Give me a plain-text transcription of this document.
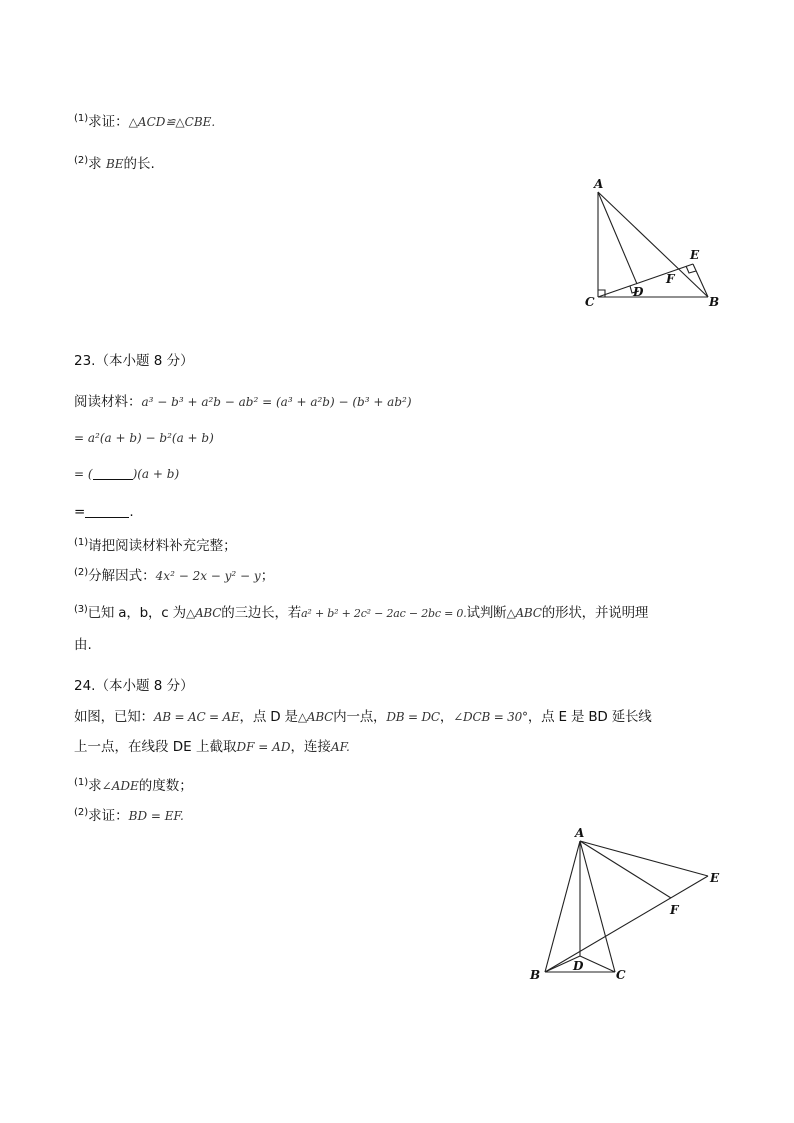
$^{(1)}$求证：△ACD≌△CBE.
$^{(2)}$求 BE的长.
A
C	B
D
E
F
23.（本小题 8 分）
阅读材料：a³ − b³ + a²b − ab² = (a³ + a²b) − (b³ + ab²)
= a²(a + b) − b²(a + b)
= (	)(a + b)
=	.
$^{(1)}$请把阅读材料补充完整；
$^{(2)}$分解因式：4x² − 2x − y² − y；
$^{(3)}$已知 a，b，c 为△ABC的三边长，若a² + b² + 2c² − 2ac − 2bc = 0.试判断△ABC的形状，并说明理
由.
24.（本小题 8 分）
如图，已知：AB = AC = AE，点 D 是△ABC内一点，DB = DC，∠DCB = 30°，点 E 是 BD 延长线
上一点，在线段 DE 上截取DF = AD，连接AF.
$^{(1)}$求∠ADE的度数；
$^{(2)}$求证：BD = EF.
A
B	C
D
E
F
